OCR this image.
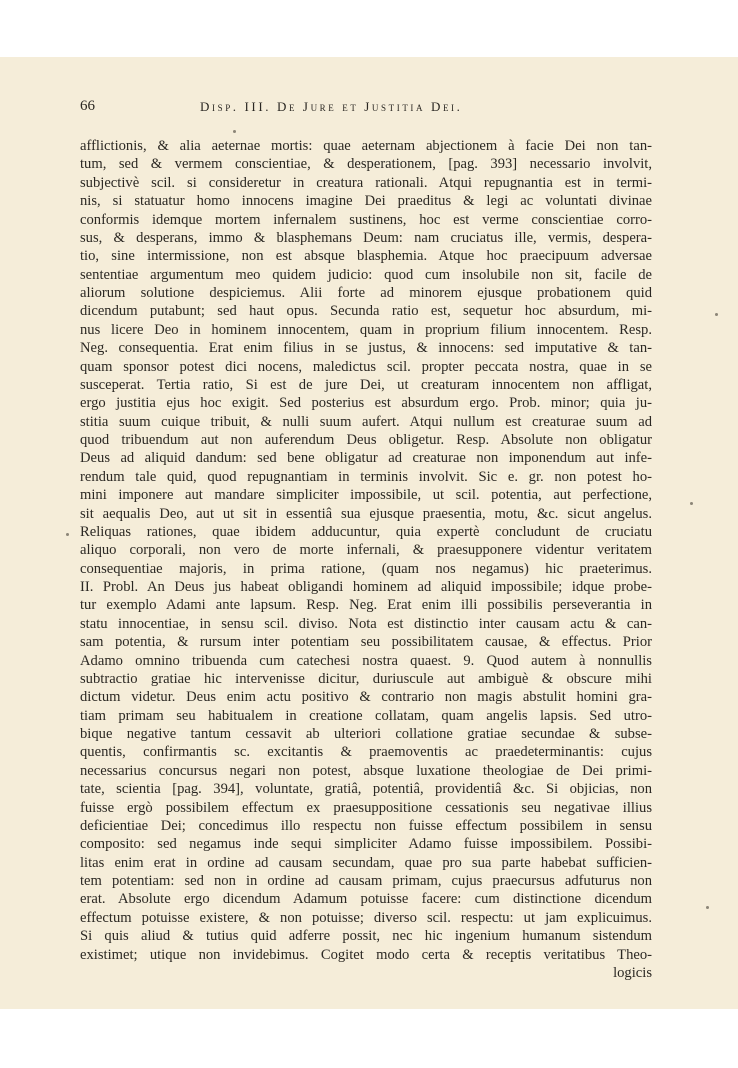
66	Disp. III. De Jure et Justitia Dei.
afflictionis, & alia aeternae mortis: quae aeternam abjectionem à facie Dei non tan-
tum, sed & vermem conscientiae, & desperationem, [pag. 393] necessario involvit,
subjectivè scil. si consideretur in creatura rationali. Atqui repugnantia est in termi-
nis, si statuatur homo innocens imagine Dei praeditus & legi ac voluntati divinae
conformis idemque mortem infernalem sustinens, hoc est verme conscientiae corro-
sus, & desperans, immo & blasphemans Deum: nam cruciatus ille, vermis, despera-
tio, sine intermissione, non est absque blasphemia. Atque hoc praecipuum adversae
sententiae argumentum meo quidem judicio: quod cum insolubile non sit, facile de
aliorum solutione despiciemus. Alii forte ad minorem ejusque probationem quid
dicendum putabunt; sed haut opus. Secunda ratio est, sequetur hoc absurdum, mi-
nus licere Deo in hominem innocentem, quam in proprium filium innocentem. Resp.
Neg. consequentia. Erat enim filius in se justus, & innocens: sed imputative & tan-
quam sponsor potest dici nocens, maledictus scil. propter peccata nostra, quae in se
susceperat. Tertia ratio, Si est de jure Dei, ut creaturam innocentem non affligat,
ergo justitia ejus hoc exigit. Sed posterius est absurdum ergo. Prob. minor; quia ju-
stitia suum cuique tribuit, & nulli suum aufert. Atqui nullum est creaturae suum ad
quod tribuendum aut non auferendum Deus obligetur. Resp. Absolute non obligatur
Deus ad aliquid dandum: sed bene obligatur ad creaturae non imponendum aut infe-
rendum tale quid, quod repugnantiam in terminis involvit. Sic e. gr. non potest ho-
mini imponere aut mandare simpliciter impossibile, ut scil. potentia, aut perfectione,
sit aequalis Deo, aut ut sit in essentiâ sua ejusque praesentia, motu, &c. sicut angelus.
Reliquas rationes, quae ibidem adducuntur, quia expertè concludunt de cruciatu
aliquo corporali, non vero de morte infernali, & praesupponere videntur veritatem
consequentiae majoris, in prima ratione, (quam nos negamus) hic praeterimus.
II. Probl. An Deus jus habeat obligandi hominem ad aliquid impossibile; idque probe-
tur exemplo Adami ante lapsum. Resp. Neg. Erat enim illi possibilis perseverantia in
statu innocentiae, in sensu scil. diviso. Nota est distinctio inter causam actu & can-
sam potentia, & rursum inter potentiam seu possibilitatem causae, & effectus. Prior
Adamo omnino tribuenda cum catechesi nostra quaest. 9. Quod autem à nonnullis
subtractio gratiae hic intervenisse dicitur, duriuscule aut ambiguè & obscure mihi
dictum videtur. Deus enim actu positivo & contrario non magis abstulit homini gra-
tiam primam seu habitualem in creatione collatam, quam angelis lapsis. Sed utro-
bique negative tantum cessavit ab ulteriori collatione gratiae secundae & subse-
quentis, confirmantis sc. excitantis & praemoventis ac praedeterminantis: cujus
necessarius concursus negari non potest, absque luxatione theologiae de Dei primi-
tate, scientia [pag. 394], voluntate, gratiâ, potentiâ, providentiâ &c. Si objicias, non
fuisse ergò possibilem effectum ex praesuppositione cessationis seu negativae illius
deficientiae Dei; concedimus illo respectu non fuisse effectum possibilem in sensu
composito: sed negamus inde sequi simpliciter Adamo fuisse impossibilem. Possibi-
litas enim erat in ordine ad causam secundam, quae pro sua parte habebat sufficien-
tem potentiam: sed non in ordine ad causam primam, cujus praecursus adfuturus non
erat. Absolute ergo dicendum Adamum potuisse facere: cum distinctione dicendum
effectum potuisse existere, & non potuisse; diverso scil. respectu: ut jam explicuimus.
Si quis aliud & tutius quid adferre possit, nec hic ingenium humanum sistendum
existimet; utique non invidebimus. Cogitet modo certa & receptis veritatibus Theo-
logicis
